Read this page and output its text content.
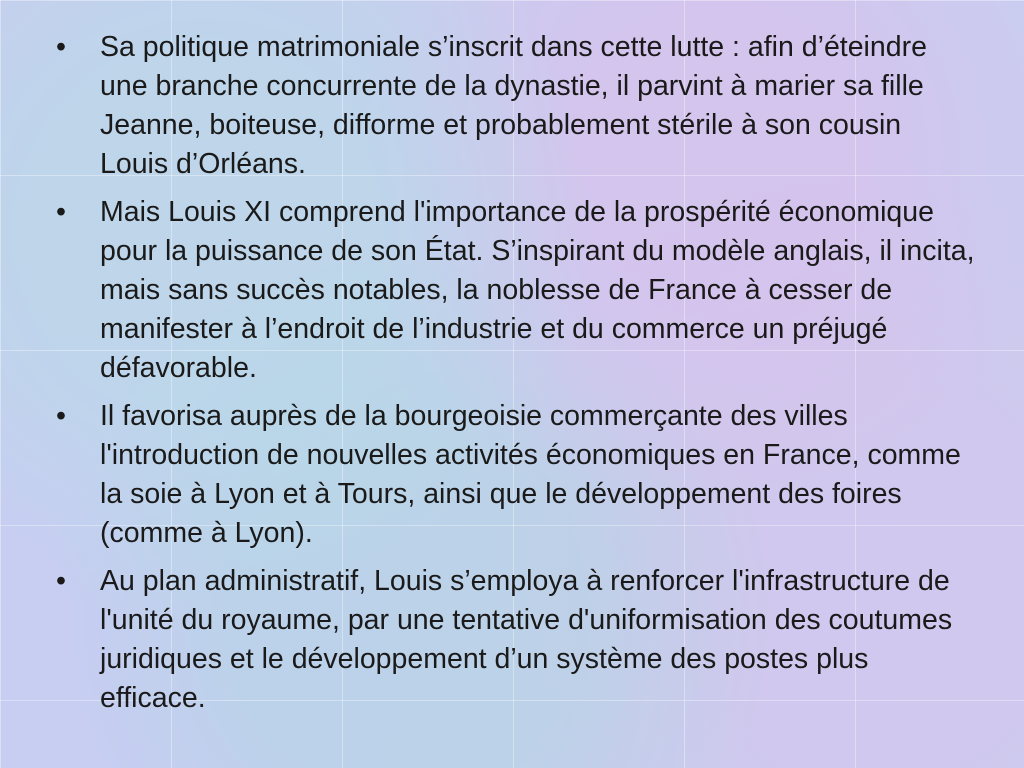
• Sa politique matrimoniale s’inscrit dans cette lutte : afin d’éteindre une branche concurrente de la dynastie, il parvint à marier sa fille Jeanne, boiteuse, difforme et probablement stérile à son cousin Louis d’Orléans.
• Mais Louis XI comprend l'importance de la prospérité économique pour la puissance de son État. S’inspirant du modèle anglais, il incita, mais sans succès notables, la noblesse de France à cesser de manifester à l’endroit de l’industrie et du commerce un préjugé défavorable.
• Il favorisa auprès de la bourgeoisie commerçante des villes l'introduction de nouvelles activités économiques en France, comme la soie à Lyon et à Tours, ainsi que le développement des foires (comme à Lyon).
• Au plan administratif, Louis s’employa à renforcer l'infrastructure de l'unité du royaume, par une tentative d'uniformisation des coutumes juridiques et le développement d’un système des postes plus efficace.
